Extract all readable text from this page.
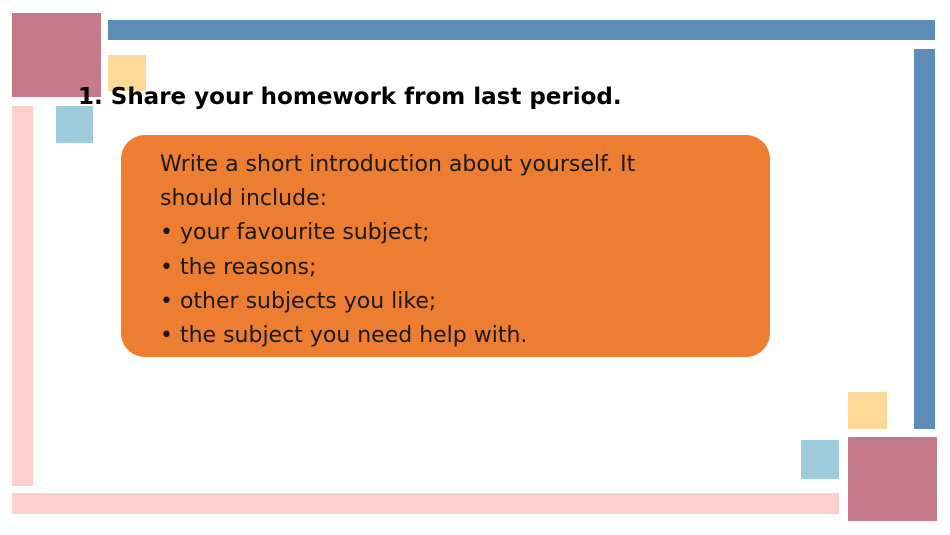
1. Share your homework from last period.
Write a short introduction about yourself. It
should include:
• your favourite subject;
• the reasons;
• other subjects you like;
• the subject you need help with.
